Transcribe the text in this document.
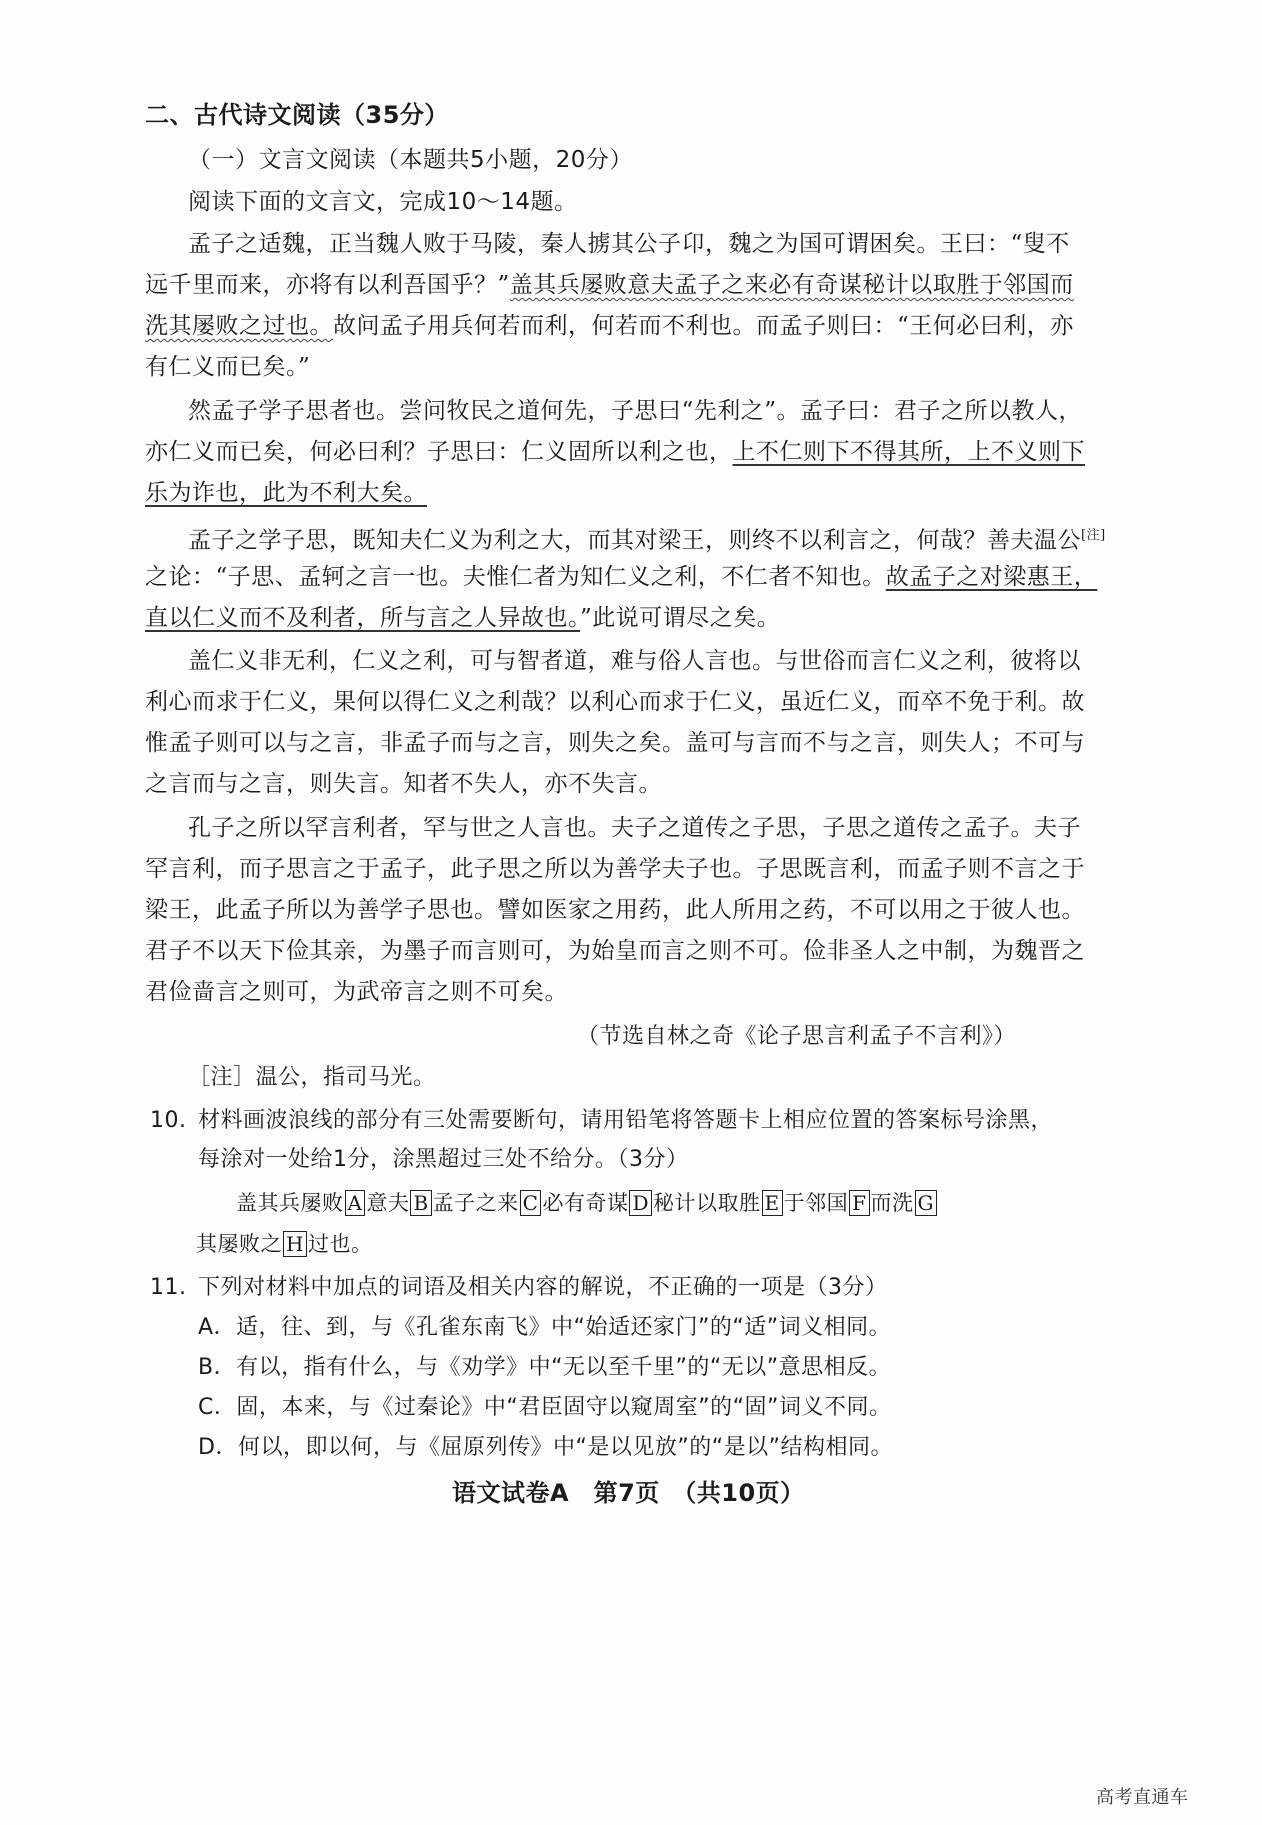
二、古代诗文阅读（35分）
（一）文言文阅读（本题共5小题，20分）
阅读下面的文言文，完成10～14题。
孟子之适魏，正当魏人败于马陵，秦人掳其公子卬，魏之为国可谓困矣。王曰：“叟不
远千里而来，亦将有以利吾国乎？”盖其兵屡败意夫孟子之来必有奇谋秘计以取胜于邻国而
洗其屡败之过也。故问孟子用兵何若而利，何若而不利也。而孟子则曰：“王何必曰利，亦
有仁义而已矣。”
然孟子学子思者也。尝问牧民之道何先，子思曰“先利之”。孟子曰：君子之所以教人，
亦仁义而已矣，何必曰利？子思曰：仁义固所以利之也，上不仁则下不得其所，上不义则下
乐为诈也，此为不利大矣。
孟子之学子思，既知夫仁义为利之大，而其对梁王，则终不以利言之，何哉？善夫温公[注]
之论：“子思、孟轲之言一也。夫惟仁者为知仁义之利，不仁者不知也。故孟子之对梁惠王，
直以仁义而不及利者，所与言之人异故也。”此说可谓尽之矣。
盖仁义非无利，仁义之利，可与智者道，难与俗人言也。与世俗而言仁义之利，彼将以
利心而求于仁义，果何以得仁义之利哉？以利心而求于仁义，虽近仁义，而卒不免于利。故
惟孟子则可以与之言，非孟子而与之言，则失之矣。盖可与言而不与之言，则失人；不可与
之言而与之言，则失言。知者不失人，亦不失言。
孔子之所以罕言利者，罕与世之人言也。夫子之道传之子思，子思之道传之孟子。夫子
罕言利，而子思言之于孟子，此子思之所以为善学夫子也。子思既言利，而孟子则不言之于
梁王，此孟子所以为善学子思也。譬如医家之用药，此人所用之药，不可以用之于彼人也。
君子不以天下俭其亲，为墨子而言则可，为始皇而言之则不可。俭非圣人之中制，为魏晋之
君俭啬言之则可，为武帝言之则不可矣。
（节选自林之奇《论子思言利孟子不言利》）
［注］温公，指司马光。
10. 材料画波浪线的部分有三处需要断句，请用铅笔将答题卡上相应位置的答案标号涂黑，
每涂对一处给1分，涂黑超过三处不给分。（3分）
盖其兵屡败 A 意夫 B 孟子之来 C 必有奇谋 D 秘计以取胜 E 于邻国 F 而洗 G
其屡败之 H 过也。
11. 下列对材料中加点的词语及相关内容的解说，不正确的一项是（3分）
A．适，往、到，与《孔雀东南飞》中“始适还家门”的“适”词义相同。
B．有以，指有什么，与《劝学》中“无以至千里”的“无以”意思相反。
C．固，本来，与《过秦论》中“君臣固守以窥周室”的“固”词义不同。
D．何以，即以何，与《屈原列传》中“是以见放”的“是以”结构相同。
语文试卷A　第7页　（共10页）
高考直通车
